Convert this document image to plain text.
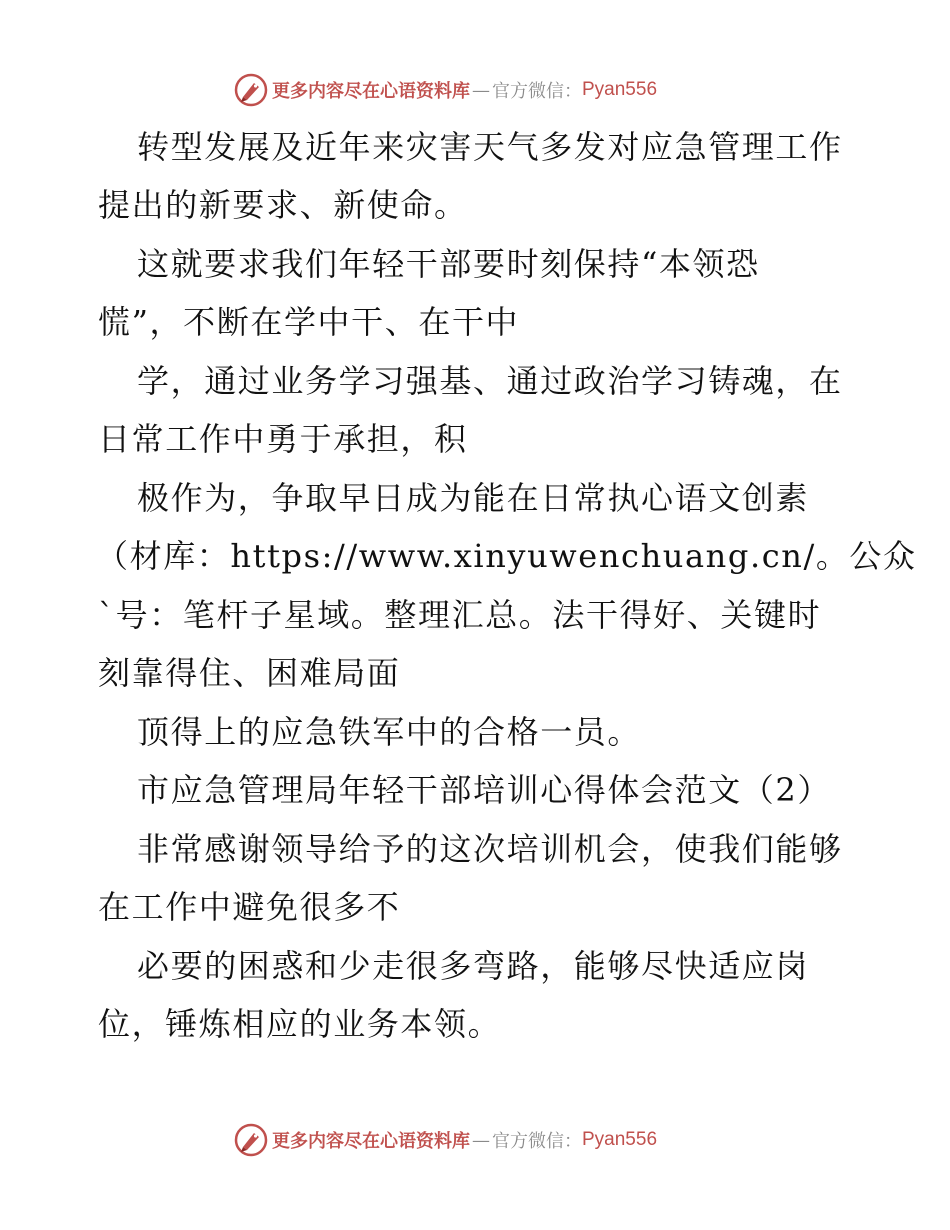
更多内容尽在心语资料库 — 官方微信： Pyan556
转型发展及近年来灾害天气多发对应急管理工作
提出的新要求、新使命。
这就要求我们年轻干部要时刻保持“本领恐
慌”，不断在学中干、在干中
学，通过业务学习强基、通过政治学习铸魂，在
日常工作中勇于承担，积
极作为，争取早日成为能在日常执心语文创素
（材库：https://www.xinyuwenchuang.cn/。公众
`号：笔杆子星域。整理汇总。法干得好、关键时
刻靠得住、困难局面
顶得上的应急铁军中的合格一员。
市应急管理局年轻干部培训心得体会范文（2）
非常感谢领导给予的这次培训机会，使我们能够
在工作中避免很多不
必要的困惑和少走很多弯路，能够尽快适应岗
位，锤炼相应的业务本领。
更多内容尽在心语资料库 — 官方微信： Pyan556
